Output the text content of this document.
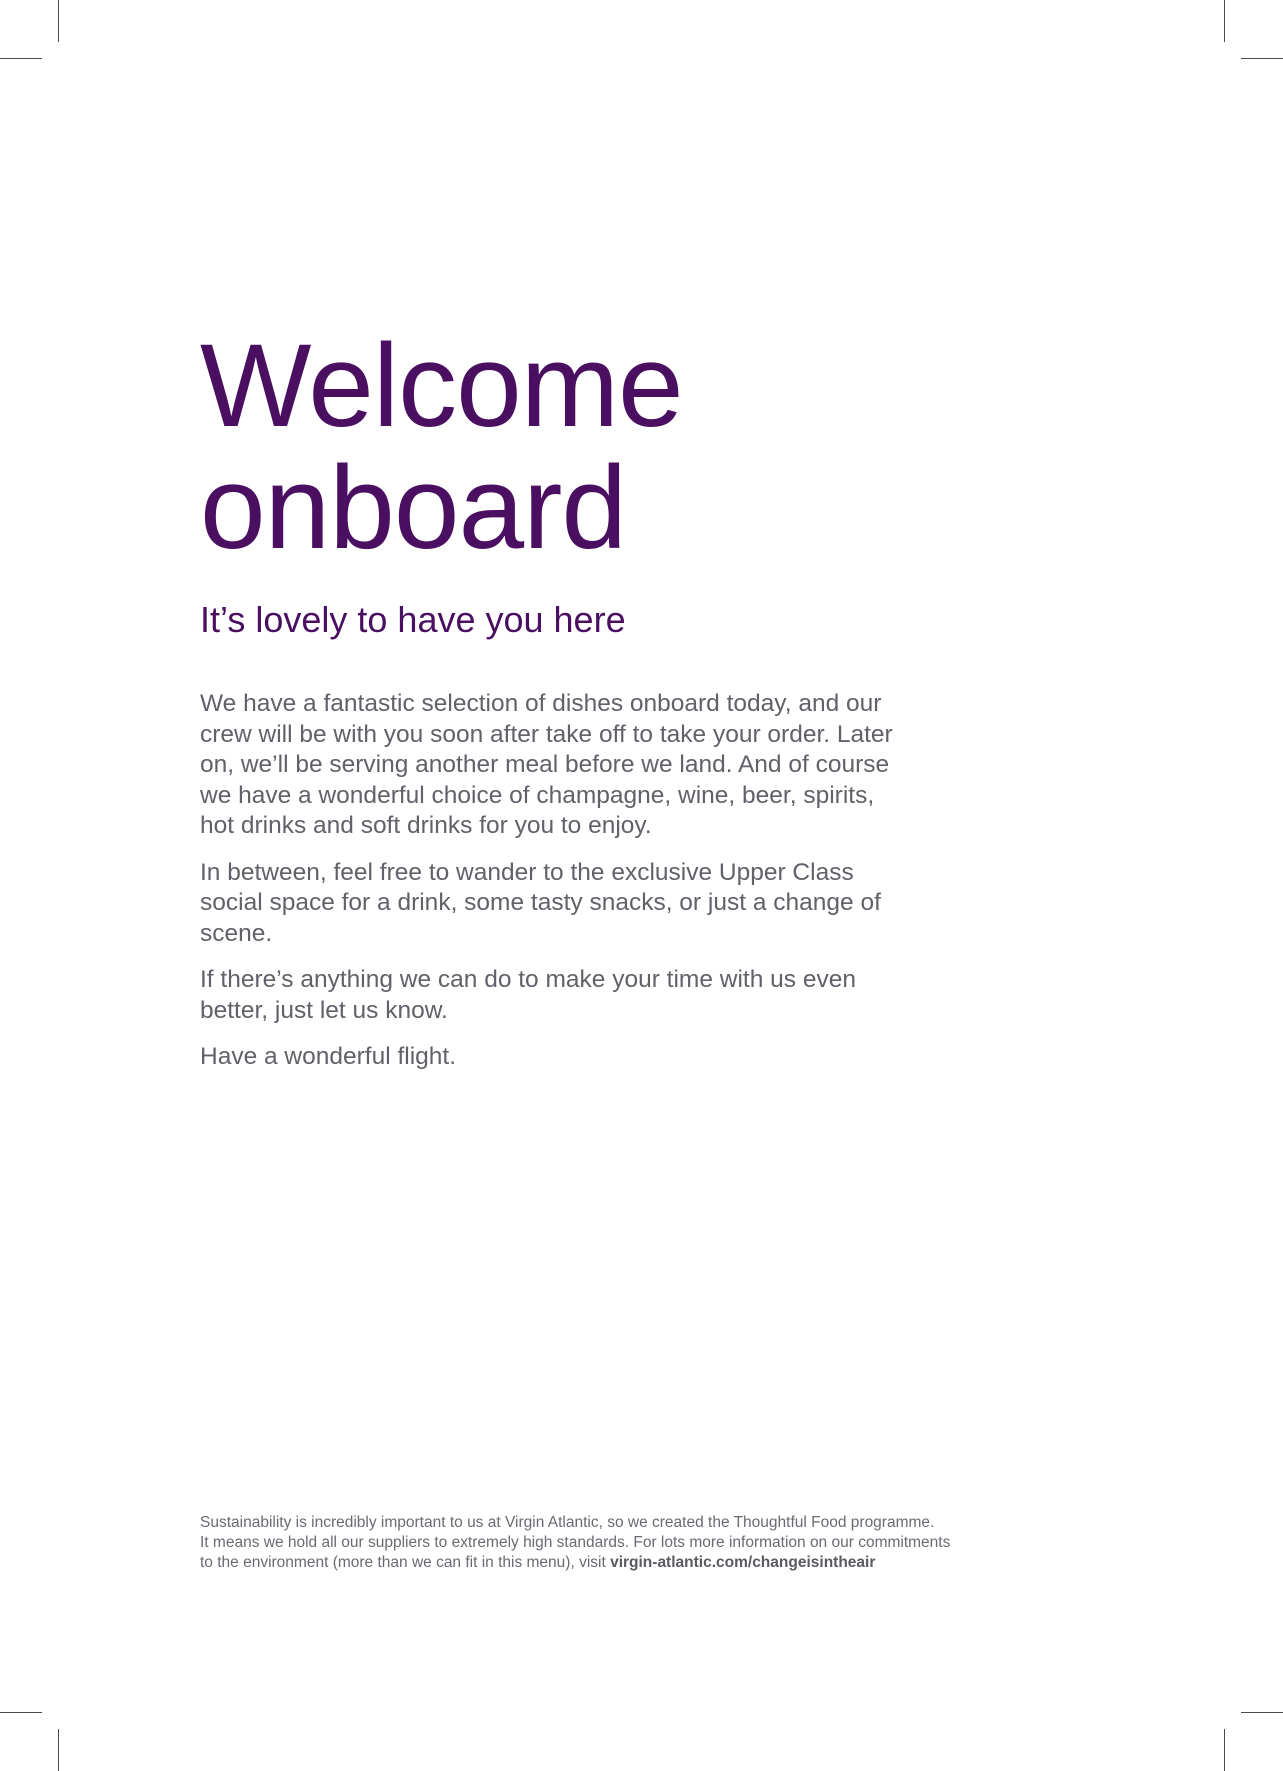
Welcome
onboard
It’s lovely to have you here

We have a fantastic selection of dishes onboard today, and our crew will be with you soon after take off to take your order. Later on, we’ll be serving another meal before we land. And of course we have a wonderful choice of champagne, wine, beer, spirits, hot drinks and soft drinks for you to enjoy.

In between, feel free to wander to the exclusive Upper Class social space for a drink, some tasty snacks, or just a change of scene.

If there’s anything we can do to make your time with us even better, just let us know.

Have a wonderful flight.

Sustainability is incredibly important to us at Virgin Atlantic, so we created the Thoughtful Food programme.

It means we hold all our suppliers to extremely high standards. For lots more information on our commitments

to the environment (more than we can fit in this menu), visit virgin-atlantic.com/changeisintheair
